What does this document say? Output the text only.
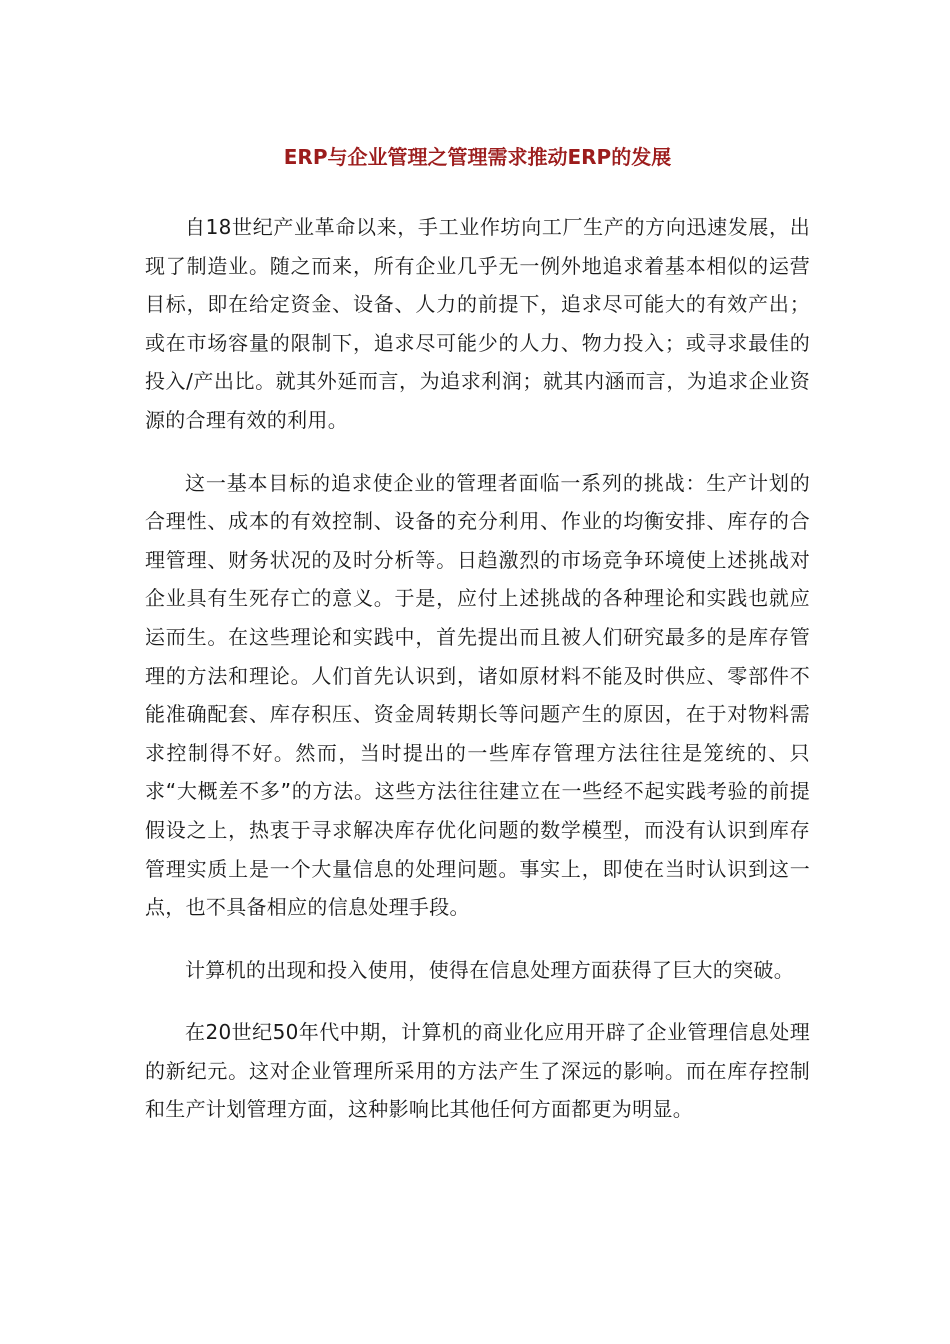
ERP与企业管理之管理需求推动ERP的发展

自18世纪产业革命以来，手工业作坊向工厂生产的方向迅速发展，出现了制造业。随之而来，所有企业几乎无一例外地追求着基本相似的运营目标，即在给定资金、设备、人力的前提下，追求尽可能大的有效产出；或在市场容量的限制下，追求尽可能少的人力、物力投入；或寻求最佳的投入/产出比。就其外延而言，为追求利润；就其内涵而言，为追求企业资源的合理有效的利用。

这一基本目标的追求使企业的管理者面临一系列的挑战：生产计划的合理性、成本的有效控制、设备的充分利用、作业的均衡安排、库存的合理管理、财务状况的及时分析等。日趋激烈的市场竞争环境使上述挑战对企业具有生死存亡的意义。于是，应付上述挑战的各种理论和实践也就应运而生。在这些理论和实践中，首先提出而且被人们研究最多的是库存管理的方法和理论。人们首先认识到，诸如原材料不能及时供应、零部件不能准确配套、库存积压、资金周转期长等问题产生的原因，在于对物料需求控制得不好。然而，当时提出的一些库存管理方法往往是笼统的、只求“大概差不多”的方法。这些方法往往建立在一些经不起实践考验的前提假设之上，热衷于寻求解决库存优化问题的数学模型，而没有认识到库存管理实质上是一个大量信息的处理问题。事实上，即使在当时认识到这一点，也不具备相应的信息处理手段。

计算机的出现和投入使用，使得在信息处理方面获得了巨大的突破。

在20世纪50年代中期，计算机的商业化应用开辟了企业管理信息处理的新纪元。这对企业管理所采用的方法产生了深远的影响。而在库存控制和生产计划管理方面，这种影响比其他任何方面都更为明显。
